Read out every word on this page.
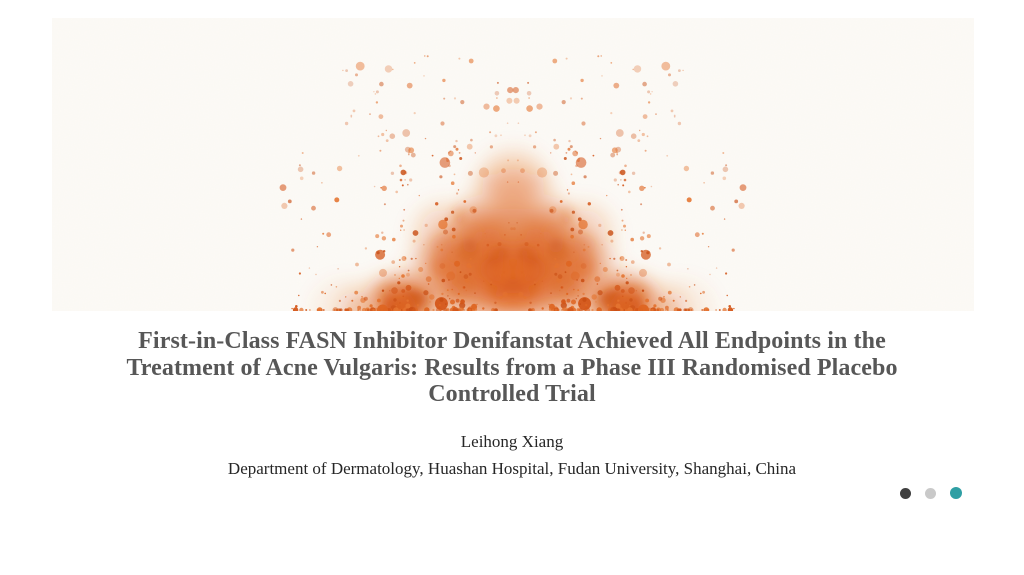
First-in-Class FASN Inhibitor Denifanstat Achieved All Endpoints in the
Treatment of Acne Vulgaris: Results from a Phase III Randomised Placebo
Controlled Trial
Leihong Xiang
Department of Dermatology, Huashan Hospital, Fudan University, Shanghai, China
